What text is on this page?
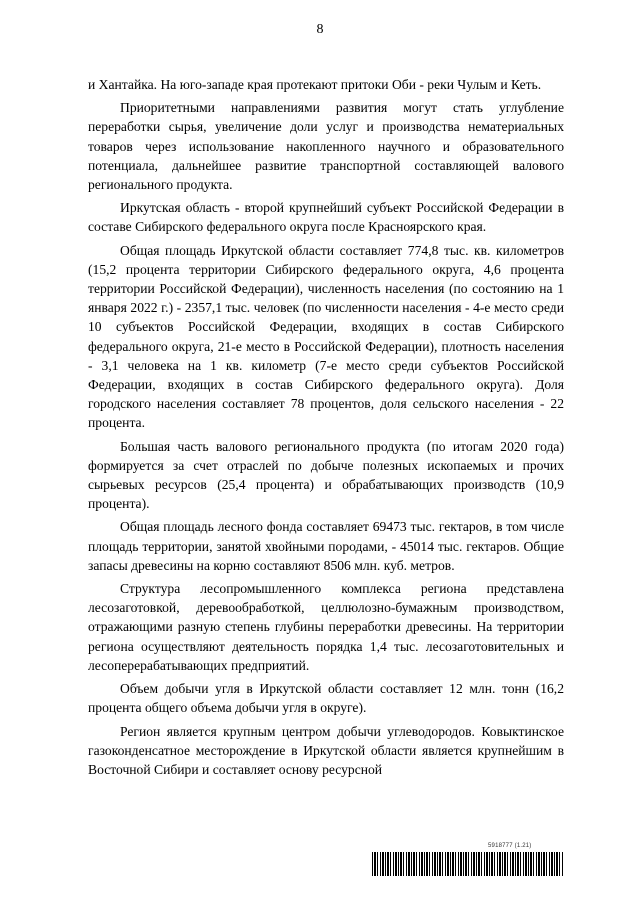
8

и Хантайка. На юго-западе края протекают притоки Оби - реки Чулым и Кеть.

Приоритетными направлениями развития могут стать углубление переработки сырья, увеличение доли услуг и производства нематериальных товаров через использование накопленного научного и образовательного потенциала, дальнейшее развитие транспортной составляющей валового регионального продукта.

Иркутская область - второй крупнейший субъект Российской Федерации в составе Сибирского федерального округа после Красноярского края.

Общая площадь Иркутской области составляет 774,8 тыс. кв. километров (15,2 процента территории Сибирского федерального округа, 4,6 процента территории Российской Федерации), численность населения (по состоянию на 1 января 2022 г.) - 2357,1 тыс. человек (по численности населения - 4-е место среди 10 субъектов Российской Федерации, входящих в состав Сибирского федерального округа, 21-е место в Российской Федерации), плотность населения - 3,1 человека на 1 кв. километр (7-е место среди субъектов Российской Федерации, входящих в состав Сибирского федерального округа). Доля городского населения составляет 78 процентов, доля сельского населения - 22 процента.

Большая часть валового регионального продукта (по итогам 2020 года) формируется за счет отраслей по добыче полезных ископаемых и прочих сырьевых ресурсов (25,4 процента) и обрабатывающих производств (10,9 процента).

Общая площадь лесного фонда составляет 69473 тыс. гектаров, в том числе площадь территории, занятой хвойными породами, - 45014 тыс. гектаров. Общие запасы древесины на корню составляют 8506 млн. куб. метров.

Структура лесопромышленного комплекса региона представлена лесозаготовкой, деревообработкой, целлюлозно-бумажным производством, отражающими разную степень глубины переработки древесины. На территории региона осуществляют деятельность порядка 1,4 тыс. лесозаготовительных и лесоперерабатывающих предприятий.

Объем добычи угля в Иркутской области составляет 12 млн. тонн (16,2 процента общего объема добычи угля в округе).

Регион является крупным центром добычи углеводородов. Ковыктинское газоконденсатное месторождение в Иркутской области является крупнейшим в Восточной Сибири и составляет основу ресурсной

5918777 (1.21)
